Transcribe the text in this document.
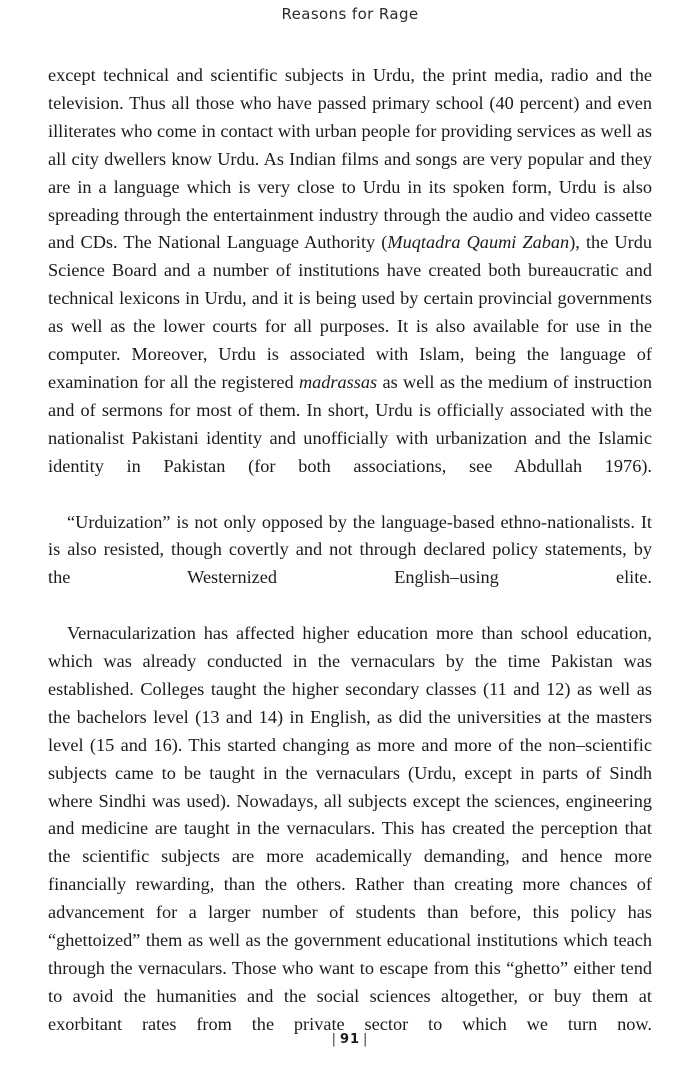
Reasons for Rage

except technical and scientific subjects in Urdu, the print media, radio and the television. Thus all those who have passed primary school (40 percent) and even illiterates who come in contact with urban people for providing services as well as all city dwellers know Urdu. As Indian films and songs are very popular and they are in a language which is very close to Urdu in its spoken form, Urdu is also spreading through the entertainment industry through the audio and video cassette and CDs. The National Language Authority (Muqtadra Qaumi Zaban), the Urdu Science Board and a number of institutions have created both bureaucratic and technical lexicons in Urdu, and it is being used by certain provincial governments as well as the lower courts for all purposes. It is also available for use in the computer. Moreover, Urdu is associated with Islam, being the language of examination for all the registered madrassas as well as the medium of instruction and of sermons for most of them. In short, Urdu is officially associated with the nationalist Pakistani identity and unofficially with urbanization and the Islamic identity in Pakistan (for both associations, see Abdullah 1976).

“Urduization” is not only opposed by the language-based ethno-nationalists. It is also resisted, though covertly and not through declared policy statements, by the Westernized English–using elite.

Vernacularization has affected higher education more than school education, which was already conducted in the vernaculars by the time Pakistan was established. Colleges taught the higher secondary classes (11 and 12) as well as the bachelors level (13 and 14) in English, as did the universities at the masters level (15 and 16). This started changing as more and more of the non–scientific subjects came to be taught in the vernaculars (Urdu, except in parts of Sindh where Sindhi was used). Nowadays, all subjects except the sciences, engineering and medicine are taught in the vernaculars. This has created the perception that the scientific subjects are more academically demanding, and hence more financially rewarding, than the others. Rather than creating more chances of advancement for a larger number of students than before, this policy has “ghettoized” them as well as the government educational institutions which teach through the vernaculars. Those who want to escape from this “ghetto” either tend to avoid the humanities and the social sciences altogether, or buy them at exorbitant rates from the private sector to which we turn now.

| 91 |
